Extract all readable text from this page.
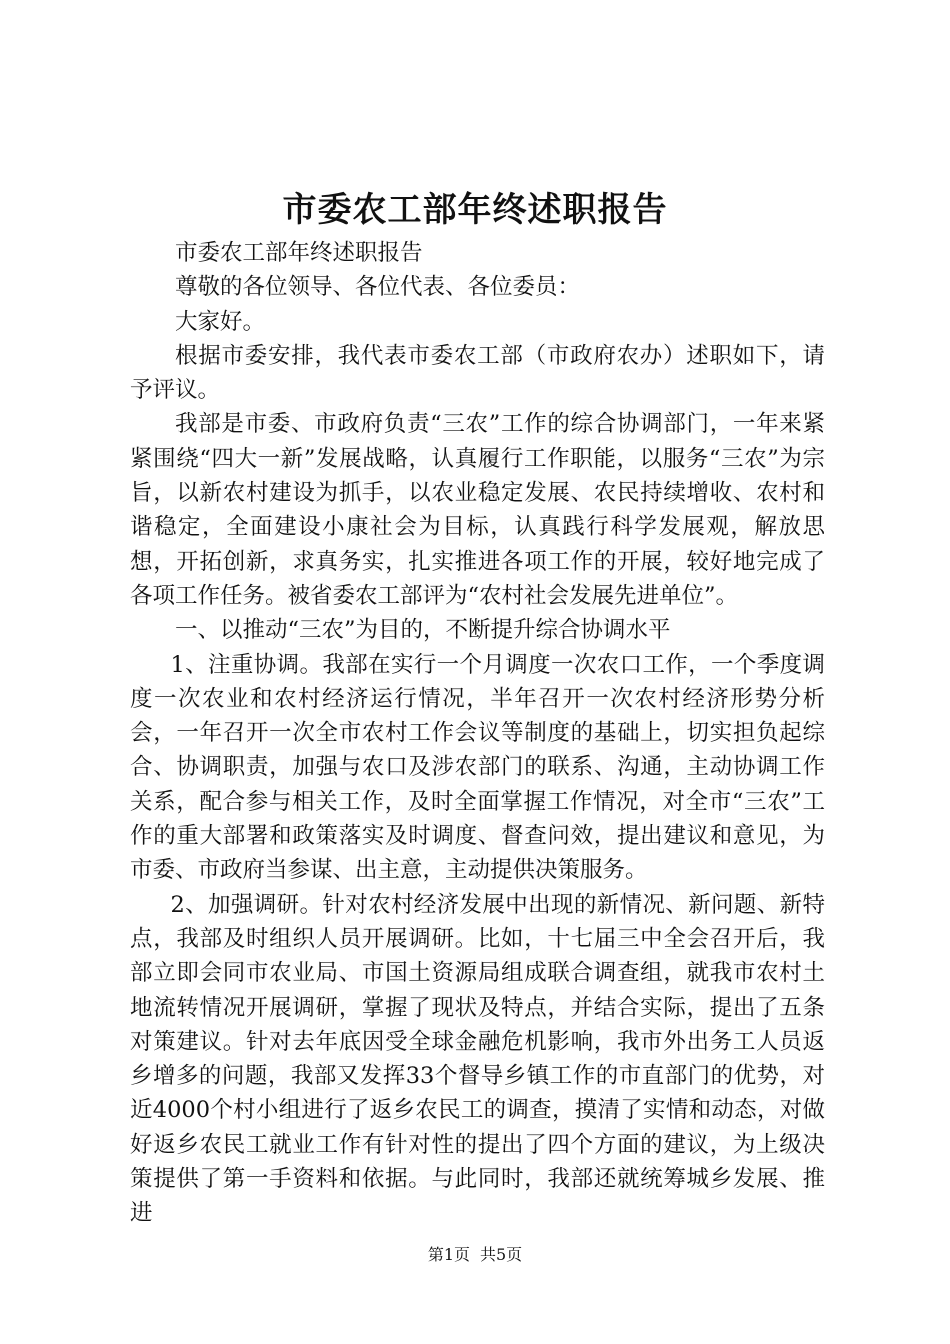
市委农工部年终述职报告

市委农工部年终述职报告

尊敬的各位领导、各位代表、各位委员：

大家好。

根据市委安排，我代表市委农工部（市政府农办）述职如下，请予评议。

我部是市委、市政府负责“三农”工作的综合协调部门，一年来紧紧围绕“四大一新”发展战略，认真履行工作职能，以服务“三农”为宗旨，以新农村建设为抓手，以农业稳定发展、农民持续增收、农村和谐稳定，全面建设小康社会为目标，认真践行科学发展观，解放思想，开拓创新，求真务实，扎实推进各项工作的开展，较好地完成了各项工作任务。被省委农工部评为“农村社会发展先进单位”。

一、以推动“三农”为目的，不断提升综合协调水平

1、注重协调。我部在实行一个月调度一次农口工作，一个季度调度一次农业和农村经济运行情况，半年召开一次农村经济形势分析会，一年召开一次全市农村工作会议等制度的基础上，切实担负起综合、协调职责，加强与农口及涉农部门的联系、沟通，主动协调工作关系，配合参与相关工作，及时全面掌握工作情况，对全市“三农”工作的重大部署和政策落实及时调度、督查问效，提出建议和意见，为市委、市政府当参谋、出主意，主动提供决策服务。

2、加强调研。针对农村经济发展中出现的新情况、新问题、新特点，我部及时组织人员开展调研。比如，十七届三中全会召开后，我部立即会同市农业局、市国土资源局组成联合调查组，就我市农村土地流转情况开展调研，掌握了现状及特点，并结合实际，提出了五条对策建议。针对去年底因受全球金融危机影响，我市外出务工人员返乡增多的问题，我部又发挥33个督导乡镇工作的市直部门的优势，对近4000个村小组进行了返乡农民工的调查，摸清了实情和动态，对做好返乡农民工就业工作有针对性的提出了四个方面的建议，为上级决策提供了第一手资料和依据。与此同时，我部还就统筹城乡发展、推进

第1页 共5页
